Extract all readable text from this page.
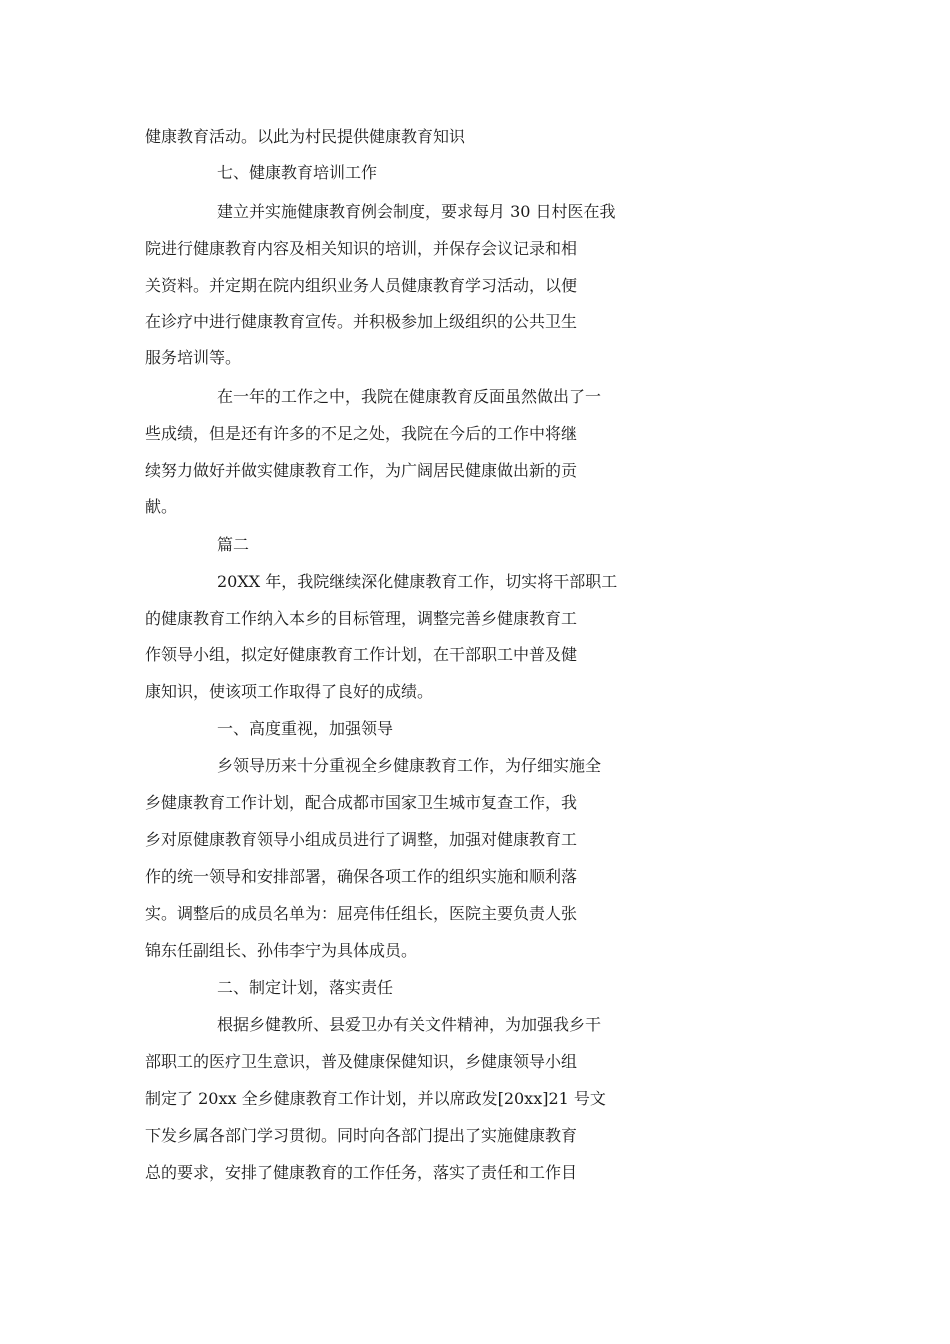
健康教育活动。以此为村民提供健康教育知识
七、健康教育培训工作
建立并实施健康教育例会制度，要求每月 30 日村医在我
院进行健康教育内容及相关知识的培训，并保存会议记录和相
关资料。并定期在院内组织业务人员健康教育学习活动，以便
在诊疗中进行健康教育宣传。并积极参加上级组织的公共卫生
服务培训等。
在一年的工作之中，我院在健康教育反面虽然做出了一
些成绩，但是还有许多的不足之处，我院在今后的工作中将继
续努力做好并做实健康教育工作，为广阔居民健康做出新的贡
献。
篇二
20XX 年，我院继续深化健康教育工作，切实将干部职工
的健康教育工作纳入本乡的目标管理，调整完善乡健康教育工
作领导小组，拟定好健康教育工作计划，在干部职工中普及健
康知识，使该项工作取得了良好的成绩。
一、高度重视，加强领导
乡领导历来十分重视全乡健康教育工作，为仔细实施全
乡健康教育工作计划，配合成都市国家卫生城市复查工作，我
乡对原健康教育领导小组成员进行了调整，加强对健康教育工
作的统一领导和安排部署，确保各项工作的组织实施和顺利落
实。调整后的成员名单为：屈亮伟任组长，医院主要负责人张
锦东任副组长、孙伟李宁为具体成员。
二、制定计划，落实责任
根据乡健教所、县爱卫办有关文件精神，为加强我乡干
部职工的医疗卫生意识，普及健康保健知识，乡健康领导小组
制定了 20xx 全乡健康教育工作计划，并以席政发[20xx]21 号文
下发乡属各部门学习贯彻。同时向各部门提出了实施健康教育
总的要求，安排了健康教育的工作任务，落实了责任和工作目
